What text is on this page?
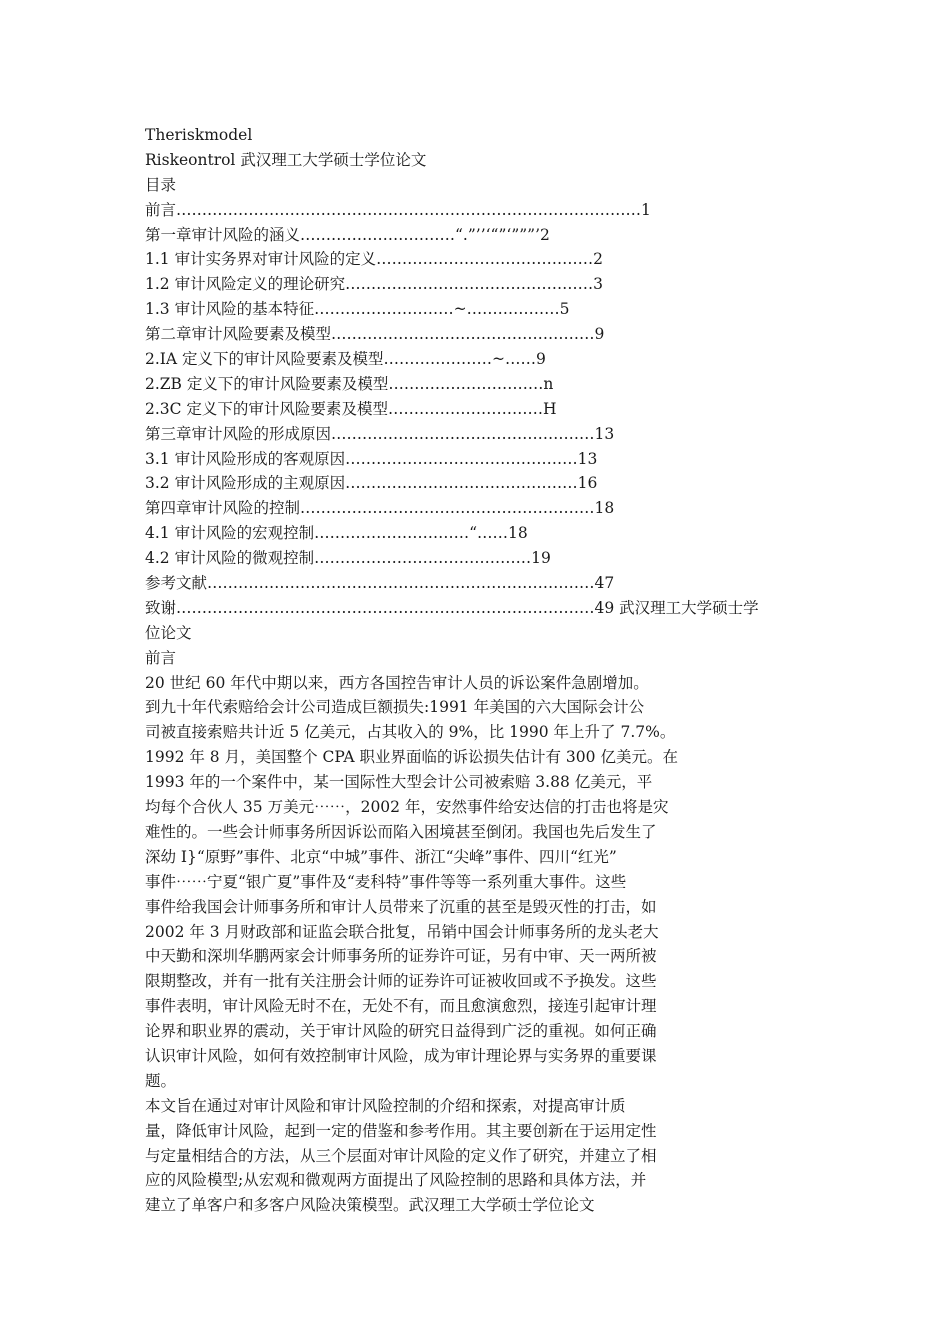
Theriskmodel
Riskeontrol 武汉理工大学硕士学位论文
目录
前言………………………………………………………………………………1
第一章审计风险的涵义…………………………“.”’’‘“”‘”””’2
1.1 审计实务界对审计风险的定义……………………………………2
1.2 审计风险定义的理论研究…………………………………………3
1.3 审计风险的基本特征………………………~………………5
第二章审计风险要素及模型……………………………………………9
2.IA 定义下的审计风险要素及模型…………………~……9
2.ZB 定义下的审计风险要素及模型…………………………n
2.3C 定义下的审计风险要素及模型…………………………H
第三章审计风险的形成原因……………………………………………13
3.1 审计风险形成的客观原因………………………………………13
3.2 审计风险形成的主观原因………………………………………16
第四章审计风险的控制…………………………………………………18
4.1 审计风险的宏观控制…………………………“……18
4.2 审计风险的微观控制……………………………………19
参考文献…………………………………………………………………47
致谢………………………………………………………………………49 武汉理工大学硕士学
位论文
前言
20 世纪 60 年代中期以来，西方各国控告审计人员的诉讼案件急剧增加。
到九十年代索赔给会计公司造成巨额损失:1991 年美国的六大国际会计公
司被直接索赔共计近 5 亿美元，占其收入的 9%，比 1990 年上升了 7.7%。
1992 年 8 月，美国整个 CPA 职业界面临的诉讼损失估计有 300 亿美元。在
1993 年的一个案件中，某一国际性大型会计公司被索赔 3.88 亿美元，平
均每个合伙人 35 万美元⋯⋯，2002 年，安然事件给安达信的打击也将是灾
难性的。一些会计师事务所因诉讼而陷入困境甚至倒闭。我国也先后发生了
深幼 I}“原野”事件、北京“中城”事件、浙江“尖峰”事件、四川“红光”
事件⋯⋯宁夏“银广夏”事件及“麦科特”事件等等一系列重大事件。这些
事件给我国会计师事务所和审计人员带来了沉重的甚至是毁灭性的打击，如
2002 年 3 月财政部和证监会联合批复，吊销中国会计师事务所的龙头老大
中天勤和深圳华鹏两家会计师事务所的证券许可证，另有中审、天一两所被
限期整改，并有一批有关注册会计师的证券许可证被收回或不予换发。这些
事件表明，审计风险无时不在，无处不有，而且愈演愈烈，接连引起审计理
论界和职业界的震动，关于审计风险的研究日益得到广泛的重视。如何正确
认识审计风险，如何有效控制审计风险，成为审计理论界与实务界的重要课
题。
本文旨在通过对审计风险和审计风险控制的介绍和探索，对提高审计质
量，降低审计风险，起到一定的借鉴和参考作用。其主要创新在于运用定性
与定量相结合的方法，从三个层面对审计风险的定义作了研究，并建立了相
应的风险模型;从宏观和微观两方面提出了风险控制的思路和具体方法，并
建立了单客户和多客户风险决策模型。武汉理工大学硕士学位论文
